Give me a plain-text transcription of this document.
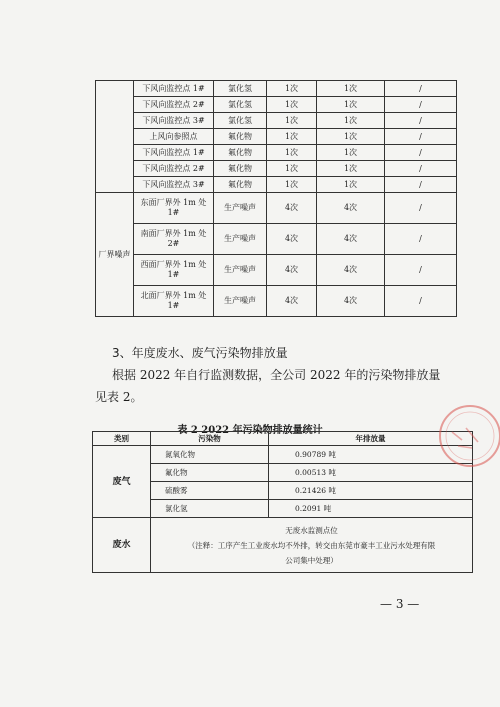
	下风向监控点 1#	氯化氢	1次	1次	/
	下风向监控点 2#	氯化氢	1次	1次	/
	下风向监控点 3#	氯化氢	1次	1次	/
	上风向参照点	氟化物	1次	1次	/
	下风向监控点 1#	氟化物	1次	1次	/
	下风向监控点 2#	氟化物	1次	1次	/
	下风向监控点 3#	氟化物	1次	1次	/
厂界噪声	东面厂界外 1m 处 1#	生产噪声	4次	4次	/
	南面厂界外 1m 处 2#	生产噪声	4次	4次	/
	西面厂界外 1m 处 1#	生产噪声	4次	4次	/
	北面厂界外 1m 处 1#	生产噪声	4次	4次	/
3、年度废水、废气污染物排放量
根据 2022 年自行监测数据，全公司 2022 年的污染物排放量
见表 2。
表 2 2022 年污染物排放量统计
类别	污染物	年排放量
废气	氮氧化物	0.90789 吨
	氟化物	0.00513 吨
	硫酸雾	0.21426 吨
	氯化氢	0.2091 吨
废水	无废水监测点位
（注释：工序产生工业废水均不外排，转交由东莞市豪丰工业污水处理有限
公司集中处理）	
— 3 —
